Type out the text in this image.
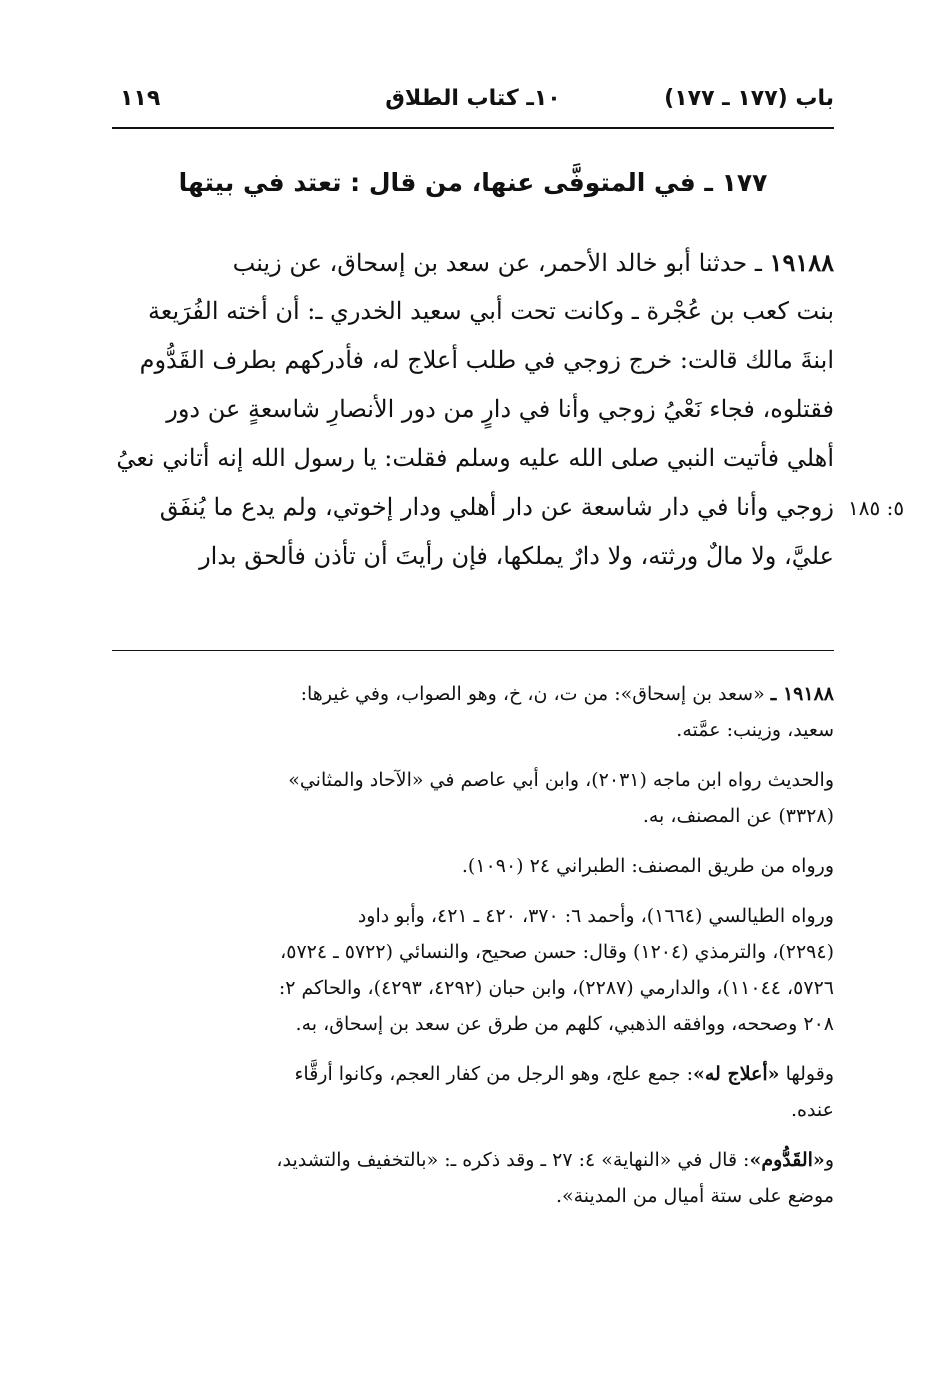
باب (١٧٧ ـ ١٧٧)
١٠ـ كتاب الطلاق
١١٩
١٧٧ ـ في المتوفَّى عنها، من قال : تعتد في بيتها
١٩١٨٨ ـ حدثنا أبو خالد الأحمر، عن سعد بن إسحاق، عن زينب
بنت كعب بن عُجْرة ـ وكانت تحت أبي سعيد الخدري ـ: أن أخته الفُرَيعة
ابنةَ مالك قالت: خرج زوجي في طلب أعلاج له، فأدركهم بطرف القَدُّوم
فقتلوه، فجاء نَعْيُ زوجي وأنا في دارٍ من دور الأنصارِ شاسعةٍ عن دور
أهلي فأتيت النبي صلى الله عليه وسلم فقلت: يا رسول الله إنه أتاني نعيُ
زوجي وأنا في دار شاسعة عن دار أهلي ودار إخوتي، ولم يدع ما يُنفَق
عليَّ، ولا مالٌ ورثته، ولا دارٌ يملكها، فإن رأيتَ أن تأذن فألحق بدار
٥: ١٨٥

١٩١٨٨ ـ «سعد بن إسحاق»: من ت، ن، خ، وهو الصواب، وفي غيرها:
سعيد، وزينب: عمَّته.

والحديث رواه ابن ماجه (٢٠٣١)، وابن أبي عاصم في «الآحاد والمثاني»
(٣٣٢٨) عن المصنف، به.

ورواه من طريق المصنف: الطبراني ٢٤ (١٠٩٠).

ورواه الطيالسي (١٦٦٤)، وأحمد ٦: ٣٧٠، ٤٢٠ ـ ٤٢١، وأبو داود
(٢٢٩٤)، والترمذي (١٢٠٤) وقال: حسن صحيح، والنسائي (٥٧٢٢ ـ ٥٧٢٤،
٥٧٢٦، ١١٠٤٤)، والدارمي (٢٢٨٧)، وابن حبان (٤٢٩٢، ٤٢٩٣)، والحاكم ٢:
٢٠٨ وصححه، ووافقه الذهبي، كلهم من طرق عن سعد بن إسحاق، به.

وقولها «أعلاج له»: جمع علج، وهو الرجل من كفار العجم، وكانوا أرقَّاء
عنده.

و«القَدُّوم»: قال في «النهاية» ٤: ٢٧ ـ وقد ذكره ـ: «بالتخفيف والتشديد،
موضع على ستة أميال من المدينة».
